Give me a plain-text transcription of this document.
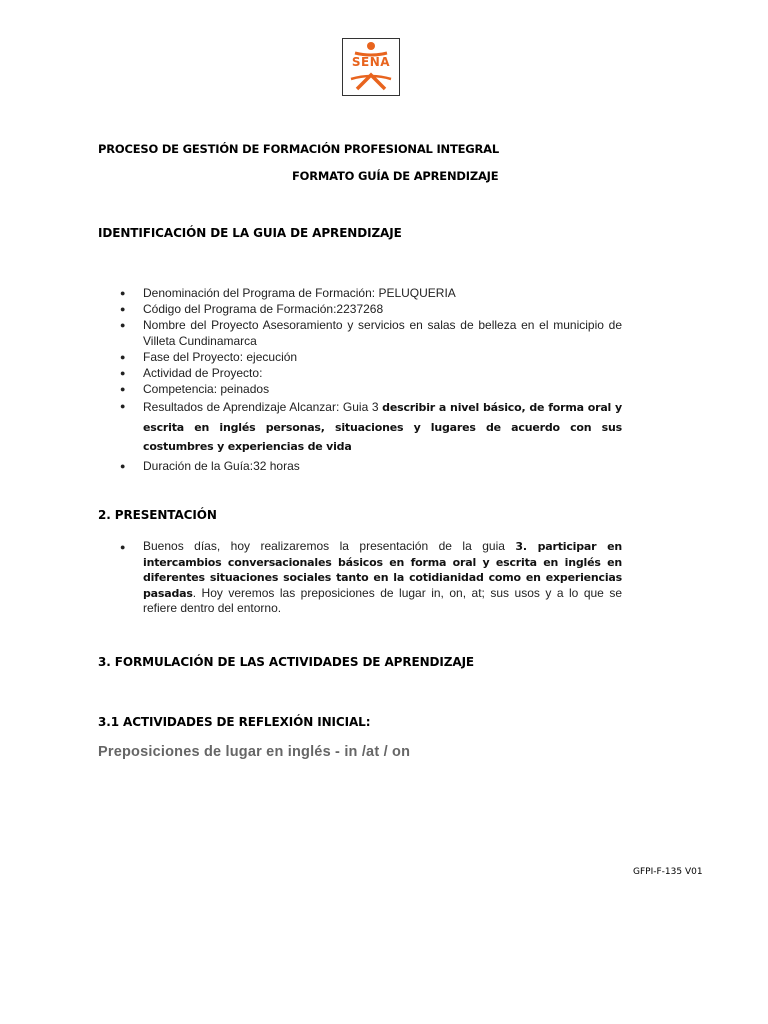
SENA
PROCESO DE GESTIÓN DE FORMACIÓN PROFESIONAL INTEGRAL
FORMATO GUÍA DE APRENDIZAJE
IDENTIFICACIÓN DE LA GUIA DE APRENDIZAJE
● Denominación del Programa de Formación: PELUQUERIA
● Código del Programa de Formación:2237268
● Nombre del Proyecto Asesoramiento y servicios en salas de belleza en el municipio de Villeta Cundinamarca
● Fase del Proyecto: ejecución
● Actividad de Proyecto:
● Competencia: peinados
● Resultados de Aprendizaje Alcanzar: Guia 3 describir a nivel básico, de forma oral y escrita en inglés personas, situaciones y lugares de acuerdo con sus costumbres y experiencias de vida
● Duración de la Guía:32 horas
2. PRESENTACIÓN
● Buenos días, hoy realizaremos la presentación de la guia 3. participar en intercambios conversacionales básicos en forma oral y escrita en inglés en diferentes situaciones sociales tanto en la cotidianidad como en experiencias pasadas. Hoy veremos las preposiciones de lugar in, on, at; sus usos y a lo que se refiere dentro del entorno.
3. FORMULACIÓN DE LAS ACTIVIDADES DE APRENDIZAJE
3.1 ACTIVIDADES DE REFLEXIÓN INICIAL:
Preposiciones de lugar en inglés - in /at / on
GFPI-F-135 V01
